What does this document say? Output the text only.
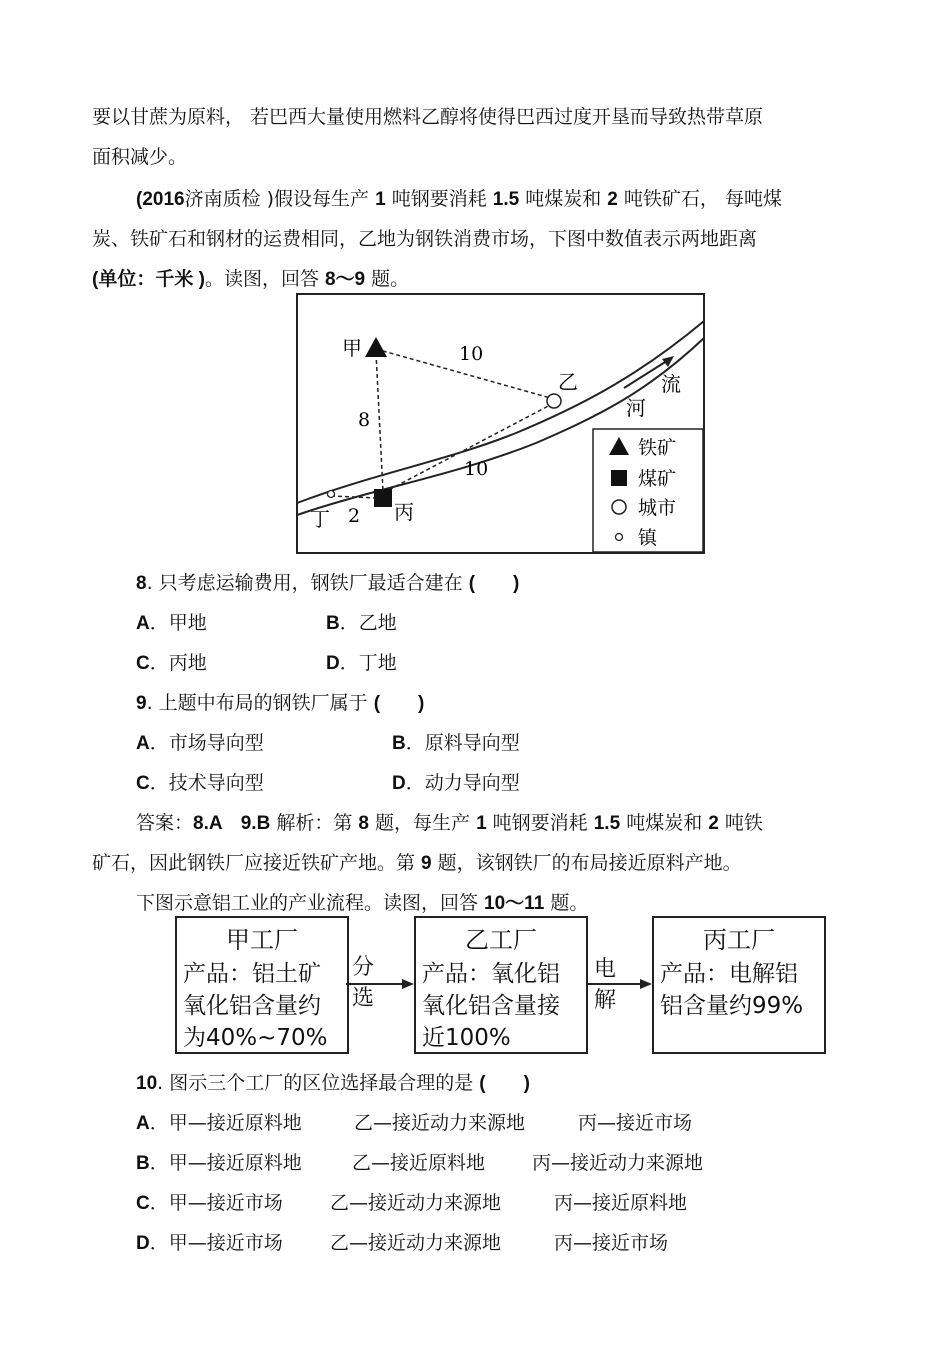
要以甘蔗为原料， 若巴西大量使用燃料乙醇将使得巴西过度开垦而导致热带草原
面积减少。
(2016济南质检 )假设每生产 1 吨钢要消耗 1.5 吨煤炭和 2 吨铁矿石， 每吨煤
炭、铁矿石和钢材的运费相同，乙地为钢铁消费市场，下图中数值表示两地距离
(单位：千米 )。读图，回答 8～9 题。
甲
乙
丙
丁
流
河
10
8
10
2
铁矿
煤矿
城市
镇
8. 只考虑运输费用，钢铁厂最适合建在 (　　)
A．甲地	B．乙地
C．丙地	D．丁地
9. 上题中布局的钢铁厂属于 (　　)
A．市场导向型	B．原料导向型
C．技术导向型	D．动力导向型
答案：8.A 9.B 解析：第 8 题，每生产 1 吨钢要消耗 1.5 吨煤炭和 2 吨铁
矿石，因此钢铁厂应接近铁矿产地。第 9 题，该钢铁厂的布局接近原料产地。
下图示意铝工业的产业流程。读图，回答 10～11 题。
甲工厂
产品：铝土矿
氧化铝含量约
为40%~70%
乙工厂
产品：氧化铝
氧化铝含量接
近100%
丙工厂
产品：电解铝
铝含量约99%
分选
电解
10. 图示三个工厂的区位选择最合理的是 (　　)
A．甲—接近原料地	乙—接近动力来源地	丙—接近市场
B．甲—接近原料地	乙—接近原料地 丙—接近动力来源地
C．甲—接近市场 乙—接近动力来源地	丙—接近原料地
D．甲—接近市场 乙—接近动力来源地	丙—接近市场
